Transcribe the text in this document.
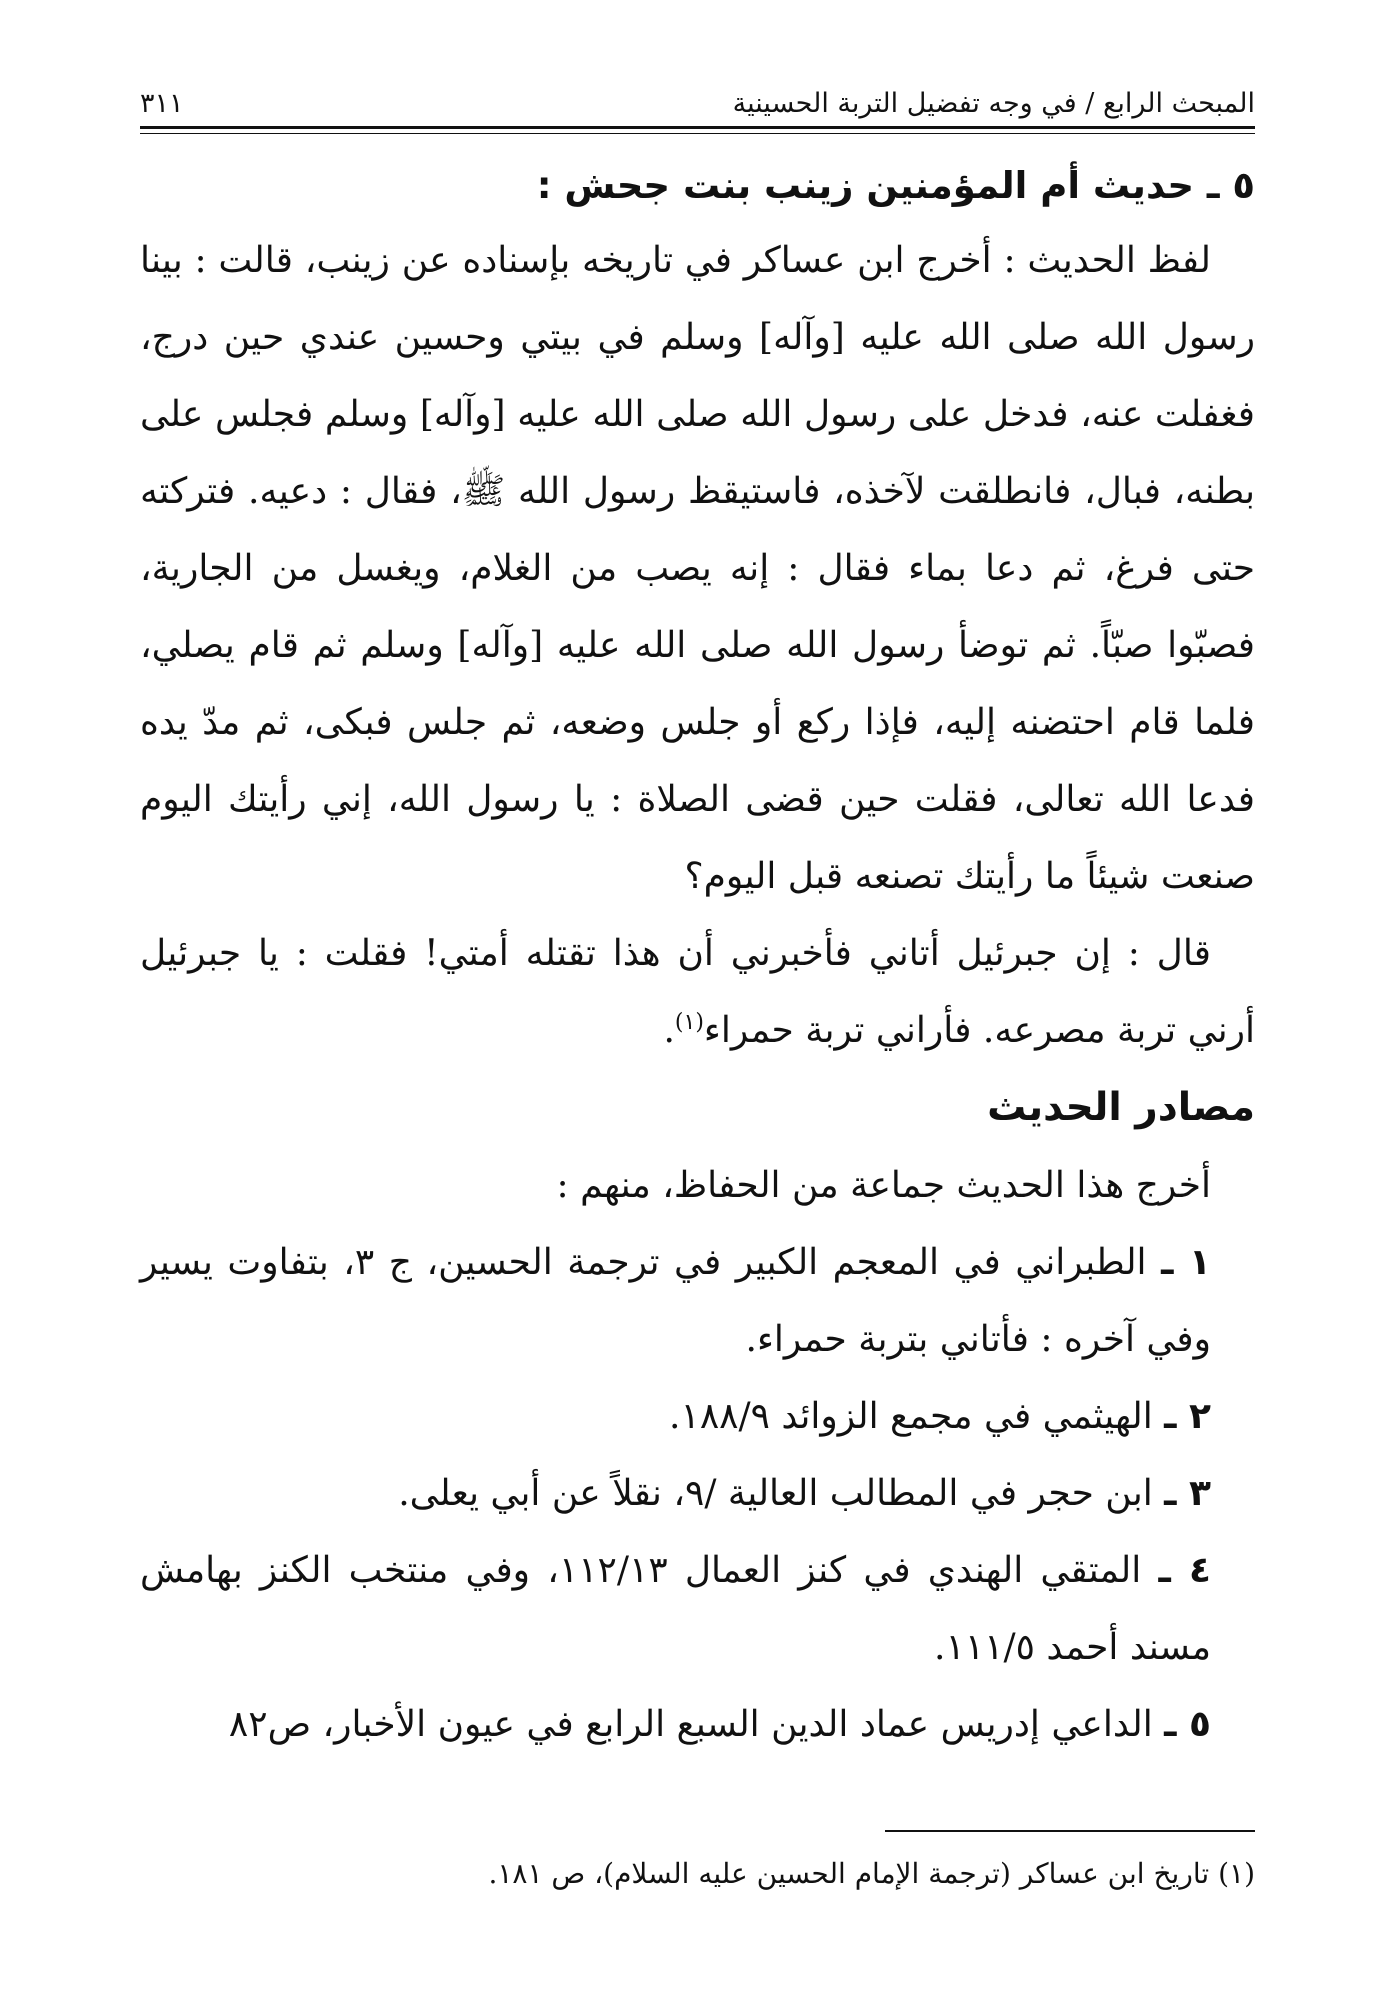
المبحث الرابع / في وجه تفضيل التربة الحسينية
٣١١
٥ ـ حديث أم المؤمنين زينب بنت جحش :

لفظ الحديث : أخرج ابن عساكر في تاريخه بإسناده عن زينب، قالت : بينا رسول الله صلى الله عليه [وآله] وسلم في بيتي وحسين عندي حين درج، فغفلت عنه، فدخل على رسول الله صلى الله عليه [وآله] وسلم فجلس على بطنه، فبال، فانطلقت لآخذه، فاستيقظ رسول الله ﷺ، فقال : دعيه. فتركته حتى فرغ، ثم دعا بماء فقال : إنه يصب من الغلام، ويغسل من الجارية، فصبّوا صبّاً. ثم توضأ رسول الله صلى الله عليه [وآله] وسلم ثم قام يصلي، فلما قام احتضنه إليه، فإذا ركع أو جلس وضعه، ثم جلس فبكى، ثم مدّ يده فدعا الله تعالى، فقلت حين قضى الصلاة : يا رسول الله، إني رأيتك اليوم صنعت شيئاً ما رأيتك تصنعه قبل اليوم؟

قال : إن جبرئيل أتاني فأخبرني أن هذا تقتله أمتي! فقلت : يا جبرئيل أرني تربة مصرعه. فأراني تربة حمراء$^{(١)}$.

مصادر الحديث

أخرج هذا الحديث جماعة من الحفاظ، منهم :

١ ـ الطبراني في المعجم الكبير في ترجمة الحسين، ج ٣، بتفاوت يسير وفي آخره : فأتاني بتربة حمراء.

٢ ـ الهيثمي في مجمع الزوائد ١٨٨/٩.

٣ ـ ابن حجر في المطالب العالية /٩، نقلاً عن أبي يعلى.

٤ ـ المتقي الهندي في كنز العمال ١١٢/١٣، وفي منتخب الكنز بهامش مسند أحمد ١١١/٥.

٥ ـ الداعي إدريس عماد الدين السبع الرابع في عيون الأخبار، ص٨٢

(١) تاريخ ابن عساكر (ترجمة الإمام الحسين عليه السلام)، ص ١٨١.
